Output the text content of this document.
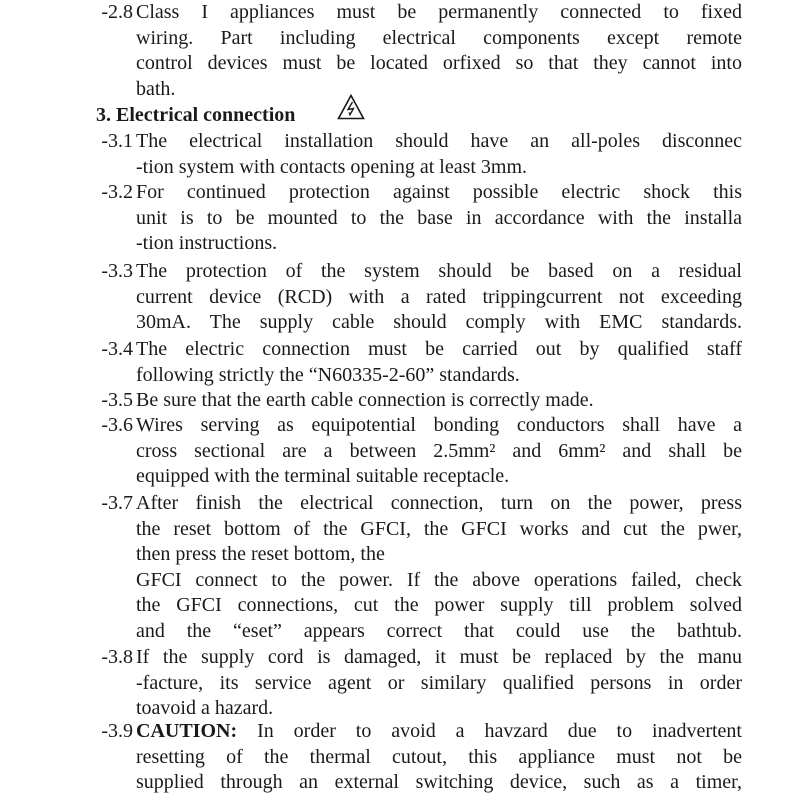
-2.8 Class I appliances must be permanently connected to fixed
wiring. Part including electrical components except remote
control devices must be located orfixed so that they cannot into
bath.
3. Electrical connection
-3.1 The electrical installation should have an all-poles disconnec
-tion system with contacts opening at least 3mm.
-3.2 For continued protection against possible electric shock this
unit is to be mounted to the base in accordance with the installa
-tion instructions.
-3.3 The protection of the system should be based on a residual
current device (RCD) with a rated trippingcurrent not exceeding
30mA. The supply cable should comply with EMC standards.
-3.4 The electric connection must be carried out by qualified staff
following strictly the “N60335-2-60” standards.
-3.5 Be sure that the earth cable connection is correctly made.
-3.6 Wires serving as equipotential bonding conductors shall have a
cross sectional are a between 2.5mm² and 6mm² and shall be
equipped with the terminal suitable receptacle.
-3.7 After finish the electrical connection, turn on the power, press
the reset bottom of the GFCI, the GFCI works and cut the pwer,
then press the reset bottom, the
GFCI connect to the power. If the above operations failed, check
the GFCI connections, cut the power supply till problem solved
and the “eset” appears correct that could use the bathtub.
-3.8 If the supply cord is damaged, it must be replaced by the manu
-facture, its service agent or similary qualified persons in order
toavoid a hazard.
-3.9 CAUTION: In order to avoid a havzard due to inadvertent
resetting of the thermal cutout, this appliance must not be
supplied through an external switching device, such as a timer,
